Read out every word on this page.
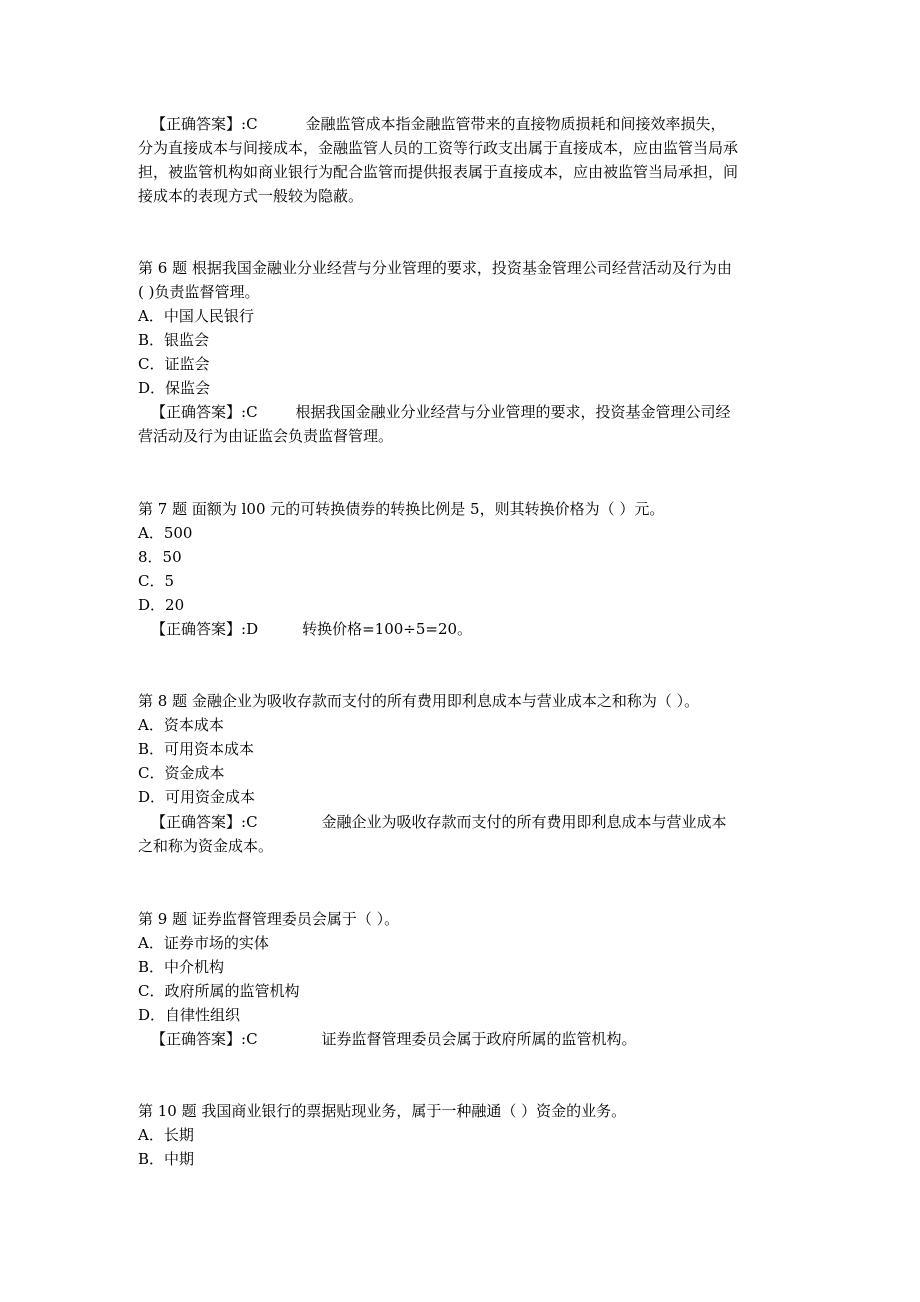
【正确答案】:C	金融监管成本指金融监管带来的直接物质损耗和间接效率损失，
分为直接成本与间接成本，金融监管人员的工资等行政支出属于直接成本，应由监管当局承
担，被监管机构如商业银行为配合监管而提供报表属于直接成本，应由被监管当局承担，间
接成本的表现方式一般较为隐蔽。
第 6 题 根据我国金融业分业经营与分业管理的要求，投资基金管理公司经营活动及行为由
( )负责监督管理。
A．中国人民银行
B．银监会
C．证监会
D．保监会
【正确答案】:C	根据我国金融业分业经营与分业管理的要求，投资基金管理公司经
营活动及行为由证监会负责监督管理。
第 7 题 面额为 l00 元的可转换债券的转换比例是 5，则其转换价格为（ ）元。
A．500
8．50
C．5
D．20
【正确答案】:D	转换价格=100÷5=20。
第 8 题 金融企业为吸收存款而支付的所有费用即利息成本与营业成本之和称为（ ）。
A．资本成本
B．可用资本成本
C．资金成本
D．可用资金成本
【正确答案】:C	金融企业为吸收存款而支付的所有费用即利息成本与营业成本
之和称为资金成本。
第 9 题 证券监督管理委员会属于（ ）。
A．证券市场的实体
B．中介机构
C．政府所属的监管机构
D．自律性组织
【正确答案】:C	证券监督管理委员会属于政府所属的监管机构。
第 10 题 我国商业银行的票据贴现业务，属于一种融通（ ）资金的业务。
A．长期
B．中期
